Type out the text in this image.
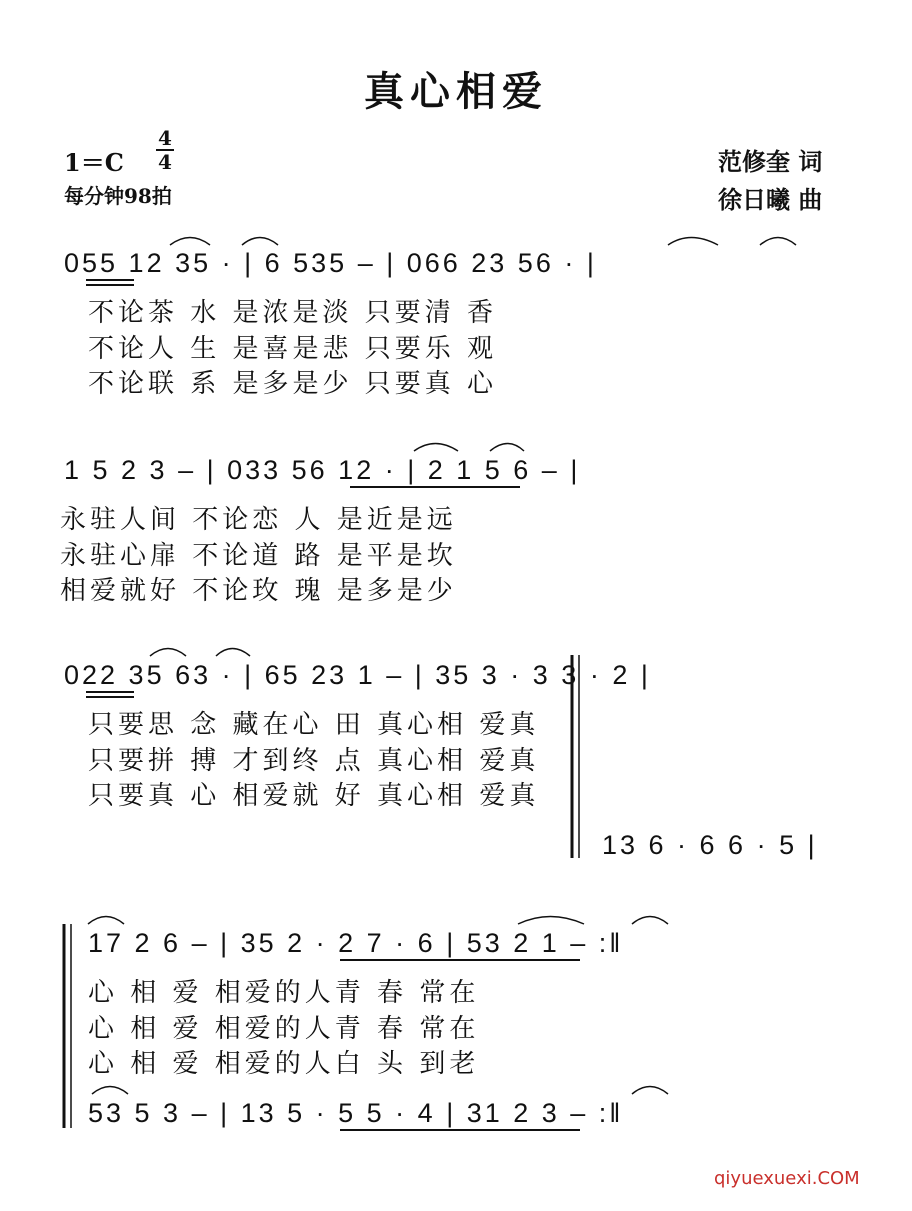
真心相爱
1＝C
4
4
每分钟98拍
范修奎 词
徐日曦 曲
055 12 35 · | 6 535 – | 066 23 56 · |
不论茶 水 是浓是淡 只要清 香
不论人 生 是喜是悲 只要乐 观
不论联 系 是多是少 只要真 心
1 5 2 3 – | 033 56 12 · | 2 1 5 6 – |
永驻人间 不论恋 人 是近是远
永驻心扉 不论道 路 是平是坎
相爱就好 不论玫 瑰 是多是少
022 35 63 · | 65 23 1 – | 35 3 · 3 3 · 2 |
只要思 念 藏在心 田 真心相 爱真
只要拼 搏 才到终 点 真心相 爱真
只要真 心 相爱就 好 真心相 爱真
13 6 · 6 6 · 5 |
17 2 6 – | 35 2 · 2 7 · 6 | 53 2 1 – :‖
心 相 爱 相爱的人青 春 常在
心 相 爱 相爱的人青 春 常在
心 相 爱 相爱的人白 头 到老
53 5 3 – | 13 5 · 5 5 · 4 | 31 2 3 – :‖
qiyuexuexi.COM
